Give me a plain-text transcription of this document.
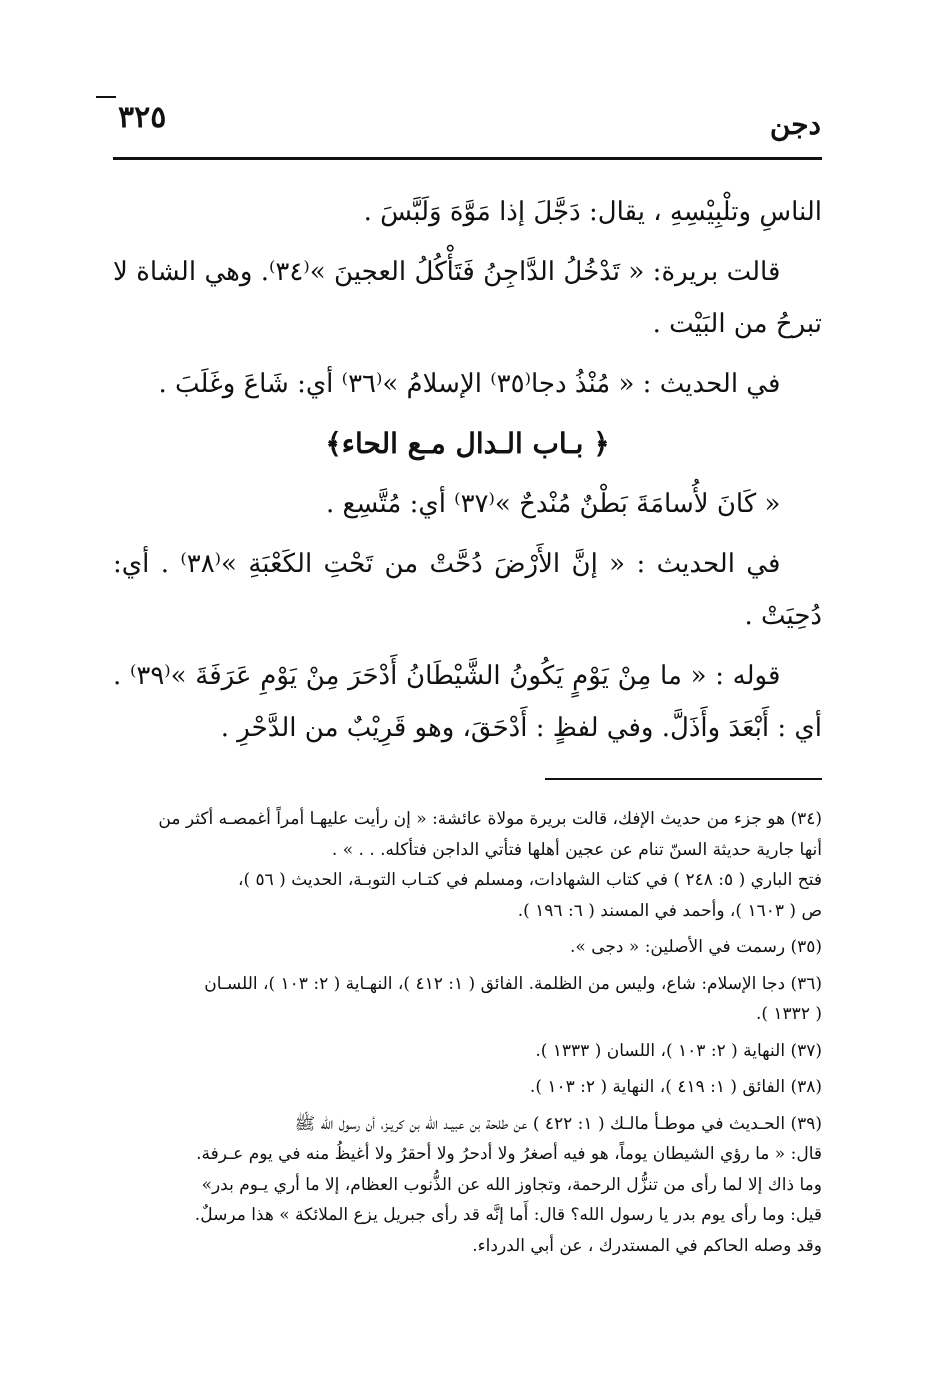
٣٢٥	دجن

الناسِ وتلْبِيْسِهِ ، يقال: دَجَّلَ إذا مَوَّهَ وَلَبَّسَ .

قالت بريرة: « تَدْخُلُ الدَّاجِنُ فَتَأْكُلُ العجينَ »⁽٣٤⁾. وهي الشاة لا تبرحُ من البَيْت .

في الحديث : « مُنْذُ دجا⁽٣٥⁾ الإسلامُ »⁽٣٦⁾ أي: شَاعَ وغَلَبَ .

﴿ بـاب الـدال مـع الحاء﴾

« كَانَ لأُسامَةَ بَطْنٌ مُنْدحٌ »⁽٣٧⁾ أي: مُتَّسِع .

في الحديث : « إنَّ الأَرْضَ دُحَّتْ من تَحْتِ الكَعْبَةِ »⁽٣٨⁾ . أي: دُحِيَتْ .

قوله : « ما مِنْ يَوْمٍ يَكُونُ الشَّيْطَانُ أَدْحَرَ مِنْ يَوْمِ عَرَفَةَ »⁽٣٩⁾ . أي : أَبْعَدَ وأَذَلَّ. وفي لفظٍ : أَدْحَقَ، وهو قَرِيْبٌ من الدَّحْرِ .

(٣٤) هو جزء من حديث الإفك، قالت بريرة مولاة عائشة: « إن رأيت عليهـا أمراً أغمصـه أكثر من
أنها جارية حديثة السنّ تنام عن عجين أهلها فتأتي الداجن فتأكله. . . » .
فتح الباري ( ٥: ٢٤٨ ) في كتاب الشهادات، ومسلم في كتـاب التوبـة، الحديث ( ٥٦ )،
ص ( ١٦٠٣ )، وأحمد في المسند ( ٦: ١٩٦ ).
(٣٥) رسمت في الأصلين: « دجى ».
(٣٦) دجا الإسلام: شاع، وليس من الظلمة. الفائق ( ١: ٤١٢ )، النهـاية ( ٢: ١٠٣ )، اللسـان
( ١٣٣٢ ).
(٣٧) النهاية ( ٢: ١٠٣ )، اللسان ( ١٣٣٣ ).
(٣٨) الفائق ( ١: ٤١٩ )، النهاية ( ٢: ١٠٣ ).
(٣٩) الحـديث في موطـأ مالـك ( ١: ٤٢٢ ) عن طلحة بن عبيـد الله بن كريـز، أن رسول الله ﷺ
قال: « ما رؤي الشيطان يوماً، هو فيه أصغرُ ولا أدحرُ ولا أحقرُ ولا أغيظُ منه في يوم عـرفة.
وما ذاك إلا لما رأى من تنزُّل الرحمة، وتجاوز الله عن الذُّنوب العظام، إلا ما أري يـوم بدر»
قيل: وما رأى يوم بدر يا رسول الله؟ قال: أَما إنَّه قد رأى جبريل يزع الملائكة » هذا مرسلٌ.
وقد وصله الحاكم في المستدرك ، عن أبي الدرداء.
